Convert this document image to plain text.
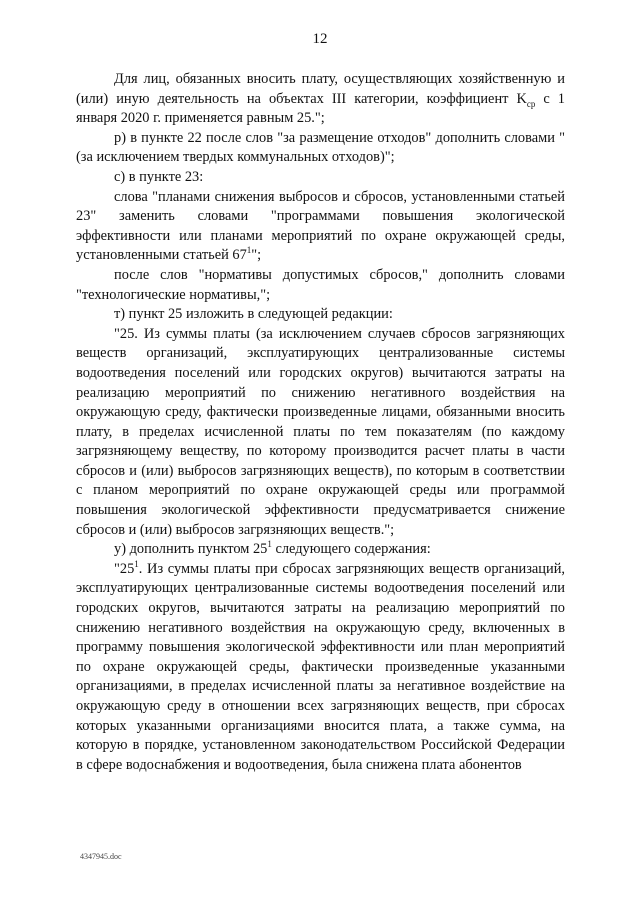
12

Для лиц, обязанных вносить плату, осуществляющих хозяйственную и (или) иную деятельность на объектах III категории, коэффициент $K_{ср}$ с 1 января 2020 г. применяется равным 25.";

р) в пункте 22 после слов "за размещение отходов" дополнить словами "(за исключением твердых коммунальных отходов)";

с) в пункте 23:

слова "планами снижения выбросов и сбросов, установленными статьей 23" заменить словами "программами повышения экологической эффективности или планами мероприятий по охране окружающей среды, установленными статьей $67^1$";

после слов "нормативы допустимых сбросов," дополнить словами "технологические нормативы,";

т) пункт 25 изложить в следующей редакции:

"25. Из суммы платы (за исключением случаев сбросов загрязняющих веществ организаций, эксплуатирующих централизованные системы водоотведения поселений или городских округов) вычитаются затраты на реализацию мероприятий по снижению негативного воздействия на окружающую среду, фактически произведенные лицами, обязанными вносить плату, в пределах исчисленной платы по тем показателям (по каждому загрязняющему веществу, по которому производится расчет платы в части сбросов и (или) выбросов загрязняющих веществ), по которым в соответствии с планом мероприятий по охране окружающей среды или программой повышения экологической эффективности предусматривается снижение сбросов и (или) выбросов загрязняющих веществ.";

у) дополнить пунктом $25^1$ следующего содержания:

"$25^1$. Из суммы платы при сбросах загрязняющих веществ организаций, эксплуатирующих централизованные системы водоотведения поселений или городских округов, вычитаются затраты на реализацию мероприятий по снижению негативного воздействия на окружающую среду, включенных в программу повышения экологической эффективности или план мероприятий по охране окружающей среды, фактически произведенные указанными организациями, в пределах исчисленной платы за негативное воздействие на окружающую среду в отношении всех загрязняющих веществ, при сбросах которых указанными организациями вносится плата, а также сумма, на которую в порядке, установленном законодательством Российской Федерации в сфере водоснабжения и водоотведения, была снижена плата абонентов

4347945.doc
